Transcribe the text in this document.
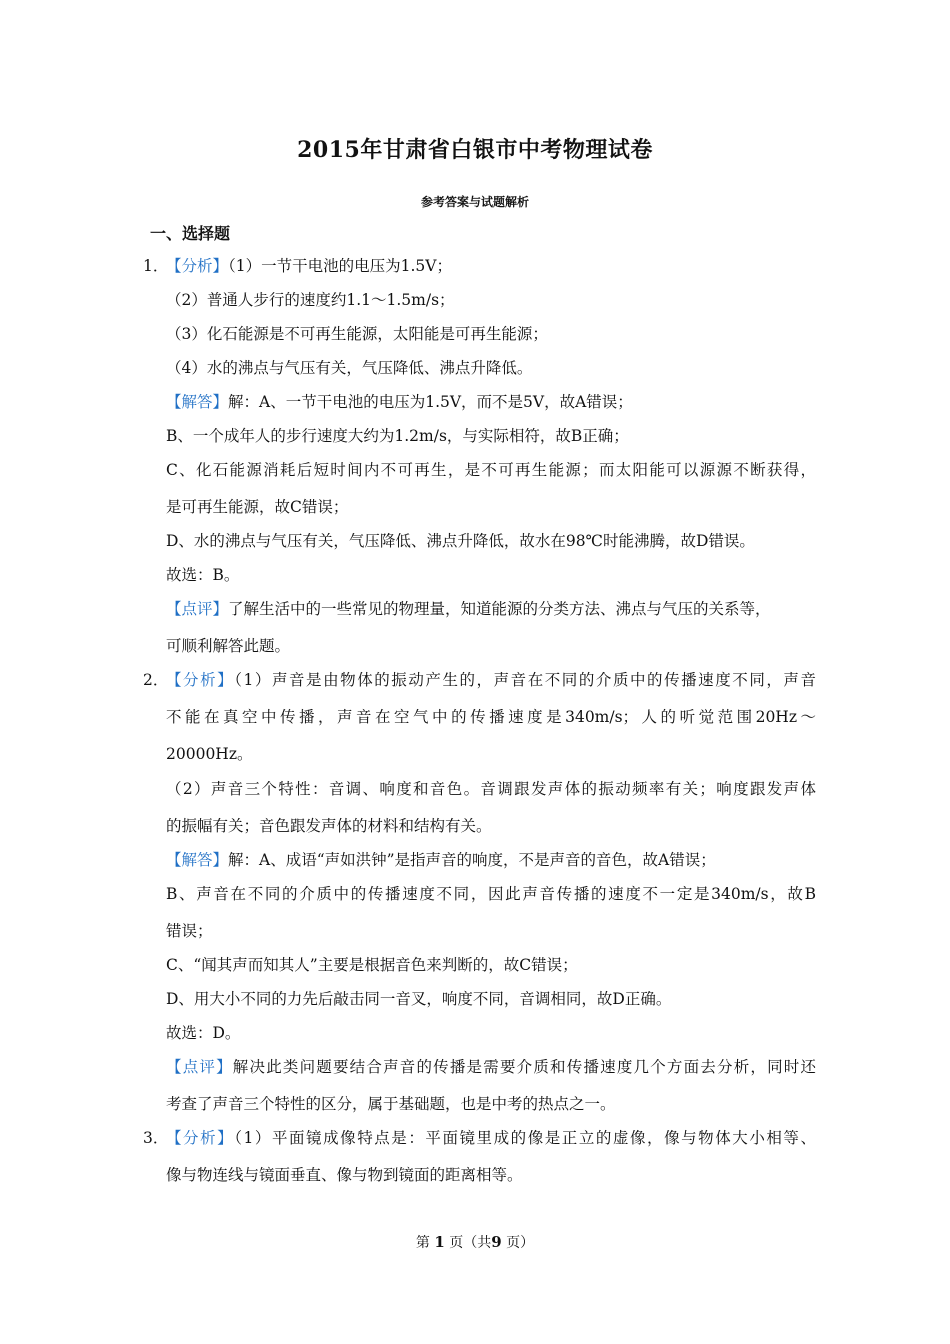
2015年甘肃省白银市中考物理试卷
参考答案与试题解析
一、选择题
1．
【分析】（1）一节干电池的电压为1.5V；
（2）普通人步行的速度约1.1～1.5m/s；
（3）化石能源是不可再生能源，太阳能是可再生能源；
（4）水的沸点与气压有关，气压降低、沸点升降低。
【解答】解：A、一节干电池的电压为1.5V，而不是5V，故A错误；
B、一个成年人的步行速度大约为1.2m/s，与实际相符，故B正确；
C、化石能源消耗后短时间内不可再生，是不可再生能源；而太阳能可以源源不断获得，
是可再生能源，故C错误；
D、水的沸点与气压有关，气压降低、沸点升降低，故水在98℃时能沸腾，故D错误。
故选：B。
【点评】了解生活中的一些常见的物理量，知道能源的分类方法、沸点与气压的关系等，
可顺利解答此题。
2．
【分析】（1）声音是由物体的振动产生的，声音在不同的介质中的传播速度不同，声音
不能在真空中传播，声音在空气中的传播速度是340m/s；人的听觉范围20Hz～
20000Hz。
（2）声音三个特性：音调、响度和音色。音调跟发声体的振动频率有关；响度跟发声体
的振幅有关；音色跟发声体的材料和结构有关。
【解答】解：A、成语“声如洪钟”是指声音的响度，不是声音的音色，故A错误；
B、声音在不同的介质中的传播速度不同，因此声音传播的速度不一定是340m/s，故B
错误；
C、“闻其声而知其人”主要是根据音色来判断的，故C错误；
D、用大小不同的力先后敲击同一音叉，响度不同，音调相同，故D正确。
故选：D。
【点评】解决此类问题要结合声音的传播是需要介质和传播速度几个方面去分析，同时还
考查了声音三个特性的区分，属于基础题，也是中考的热点之一。
3．
【分析】（1）平面镜成像特点是：平面镜里成的像是正立的虚像，像与物体大小相等、
像与物连线与镜面垂直、像与物到镜面的距离相等。
第 1 页（共9 页）
